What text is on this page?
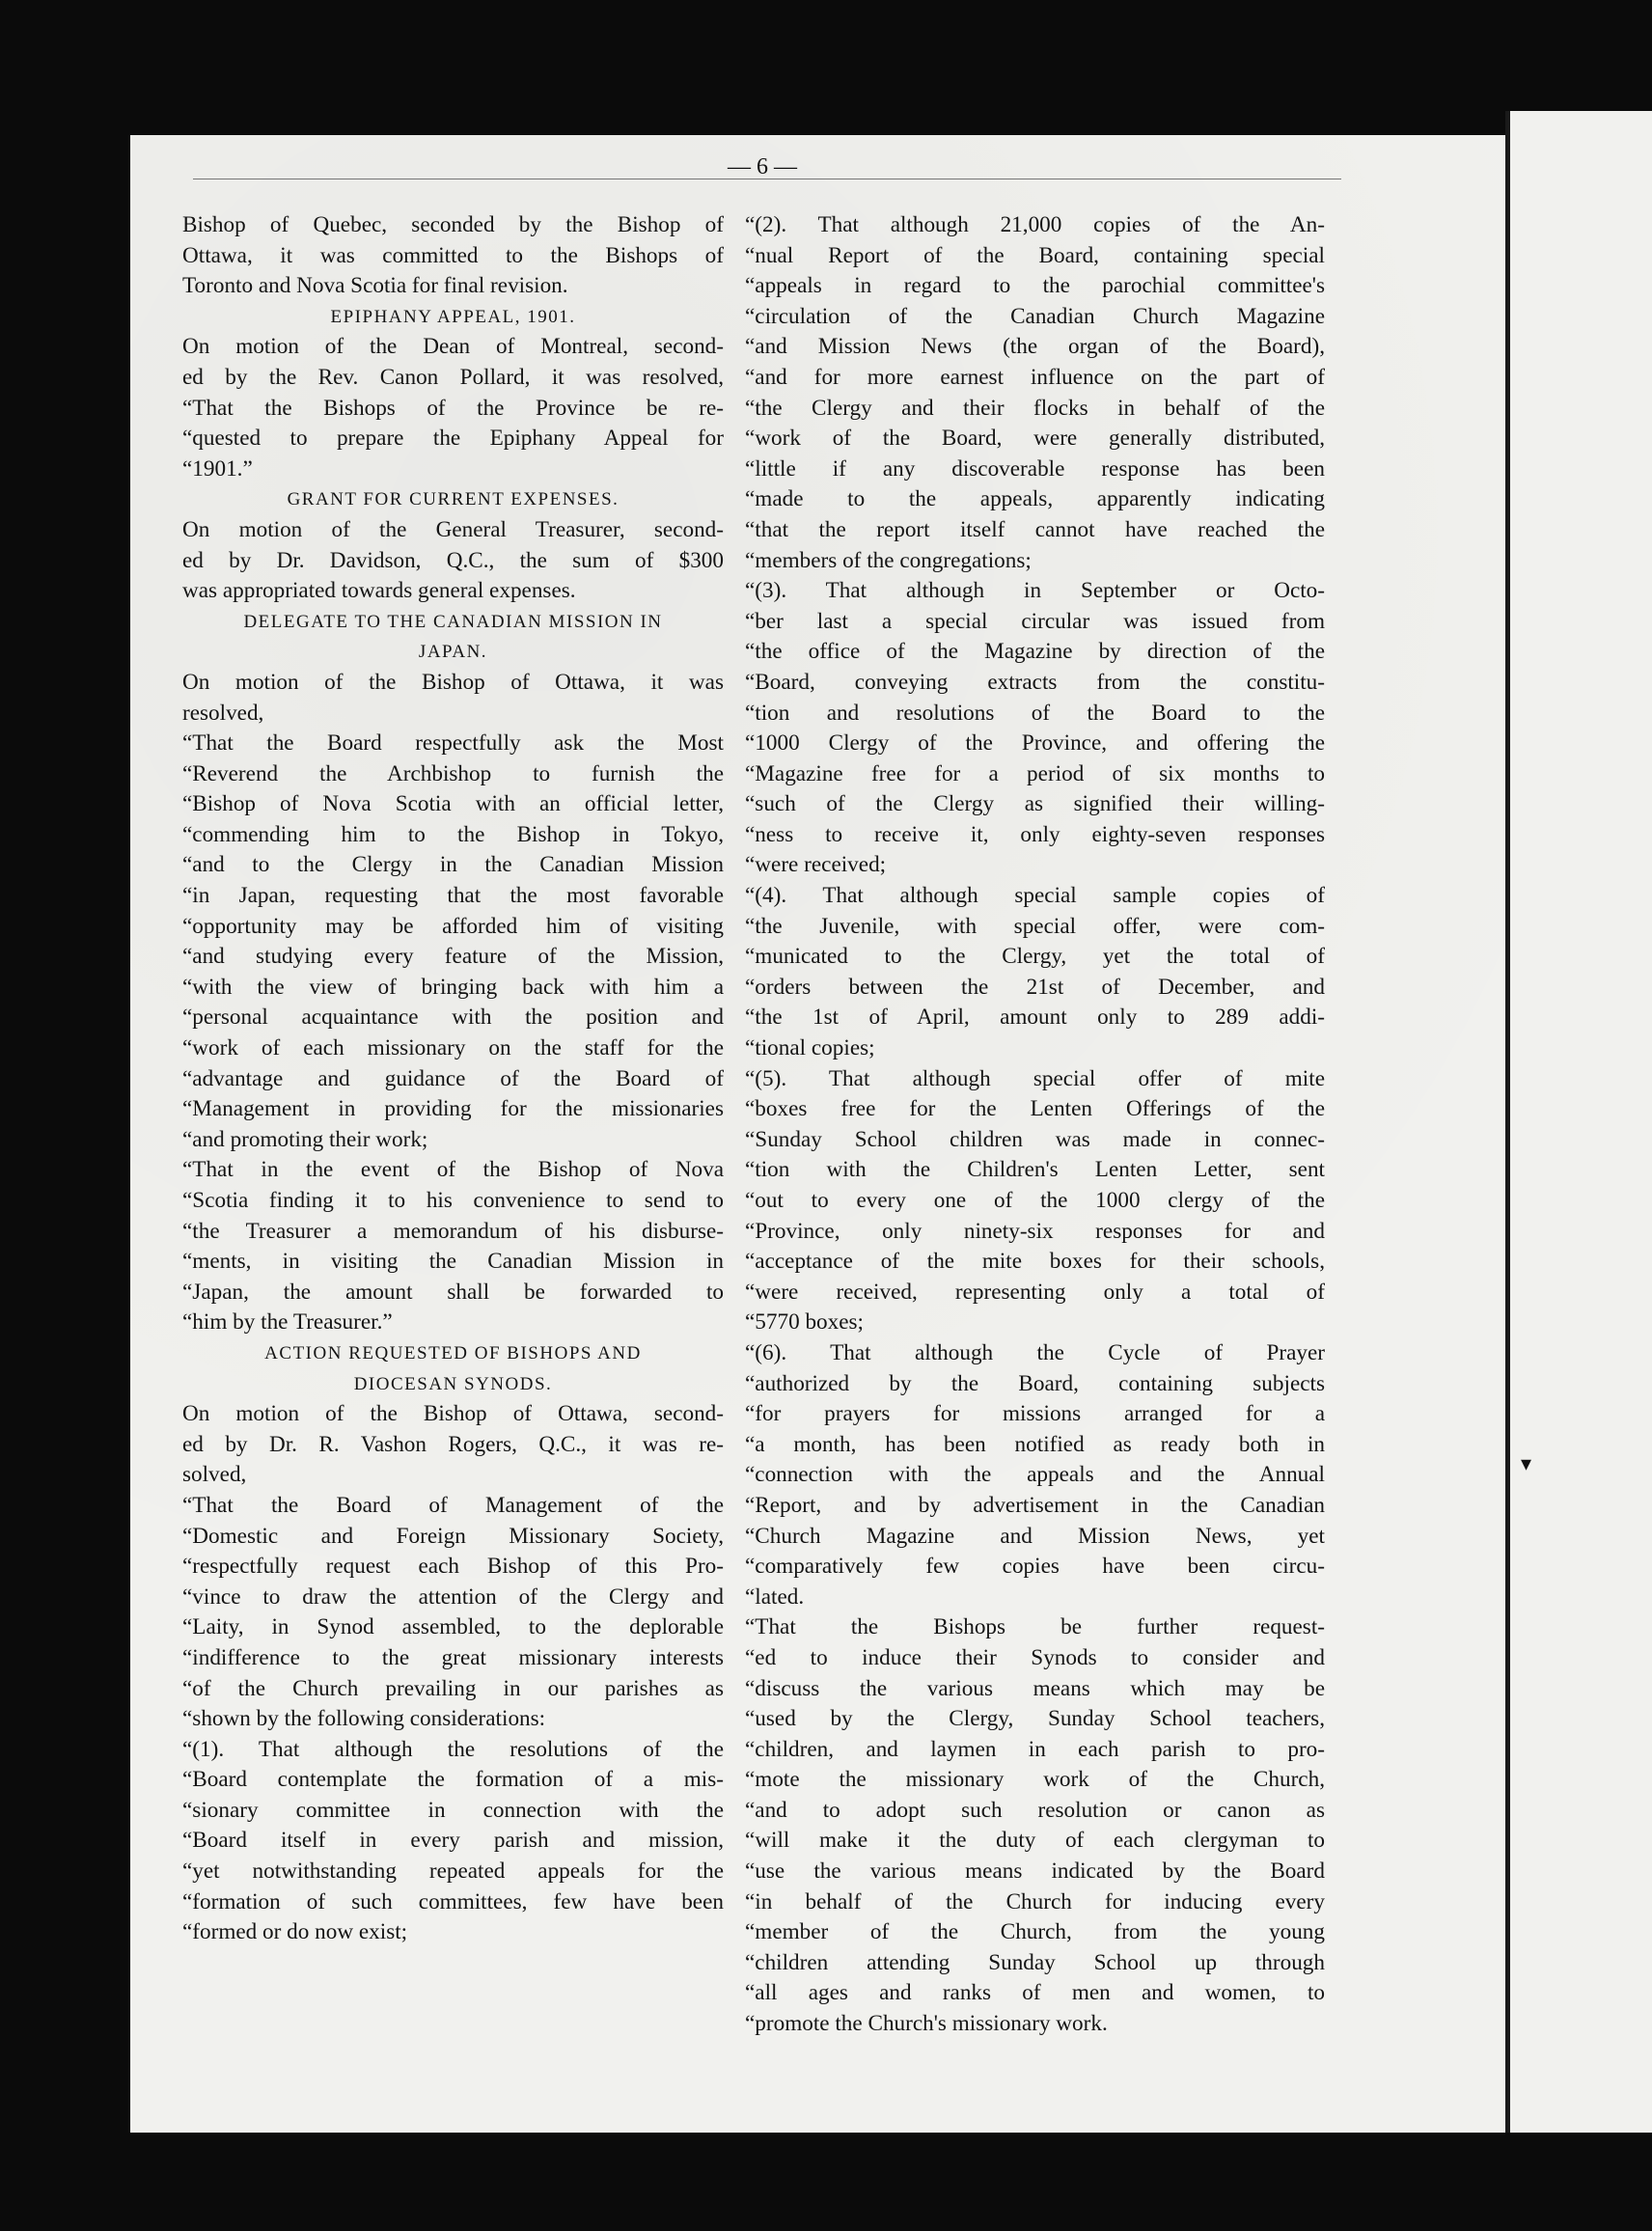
▾
— 6 —
Bishop of Quebec, seconded by the Bishop of
Ottawa, it was committed to the Bishops of
Toronto and Nova Scotia for final revision.
EPIPHANY APPEAL, 1901.
On motion of the Dean of Montreal, second-
ed by the Rev. Canon Pollard, it was resolved,
“That the Bishops of the Province be re-
“quested to prepare the Epiphany Appeal for
“1901.”
GRANT FOR CURRENT EXPENSES.
On motion of the General Treasurer, second-
ed by Dr. Davidson, Q.C., the sum of $300
was appropriated towards general expenses.
DELEGATE TO THE CANADIAN MISSION IN
JAPAN.
On motion of the Bishop of Ottawa, it was
resolved,
“That the Board respectfully ask the Most
“Reverend the Archbishop to furnish the
“Bishop of Nova Scotia with an official letter,
“commending him to the Bishop in Tokyo,
“and to the Clergy in the Canadian Mission
“in Japan, requesting that the most favorable
“opportunity may be afforded him of visiting
“and studying every feature of the Mission,
“with the view of bringing back with him a
“personal acquaintance with the position and
“work of each missionary on the staff for the
“advantage and guidance of the Board of
“Management in providing for the missionaries
“and promoting their work;
“That in the event of the Bishop of Nova
“Scotia finding it to his convenience to send to
“the Treasurer a memorandum of his disburse-
“ments, in visiting the Canadian Mission in
“Japan, the amount shall be forwarded to
“him by the Treasurer.”
ACTION REQUESTED OF BISHOPS AND
DIOCESAN SYNODS.
On motion of the Bishop of Ottawa, second-
ed by Dr. R. Vashon Rogers, Q.C., it was re-
solved,
“That the Board of Management of the
“Domestic and Foreign Missionary Society,
“respectfully request each Bishop of this Pro-
“vince to draw the attention of the Clergy and
“Laity, in Synod assembled, to the deplorable
“indifference to the great missionary interests
“of the Church prevailing in our parishes as
“shown by the following considerations:
“(1). That although the resolutions of the
“Board contemplate the formation of a mis-
“sionary committee in connection with the
“Board itself in every parish and mission,
“yet notwithstanding repeated appeals for the
“formation of such committees, few have been
“formed or do now exist;
“(2). That although 21,000 copies of the An-
“nual Report of the Board, containing special
“appeals in regard to the parochial committee's
“circulation of the Canadian Church Magazine
“and Mission News (the organ of the Board),
“and for more earnest influence on the part of
“the Clergy and their flocks in behalf of the
“work of the Board, were generally distributed,
“little if any discoverable response has been
“made to the appeals, apparently indicating
“that the report itself cannot have reached the
“members of the congregations;
“(3). That although in September or Octo-
“ber last a special circular was issued from
“the office of the Magazine by direction of the
“Board, conveying extracts from the constitu-
“tion and resolutions of the Board to the
“1000 Clergy of the Province, and offering the
“Magazine free for a period of six months to
“such of the Clergy as signified their willing-
“ness to receive it, only eighty-seven responses
“were received;
“(4). That although special sample copies of
“the Juvenile, with special offer, were com-
“municated to the Clergy, yet the total of
“orders between the 21st of December, and
“the 1st of April, amount only to 289 addi-
“tional copies;
“(5). That although special offer of mite
“boxes free for the Lenten Offerings of the
“Sunday School children was made in connec-
“tion with the Children's Lenten Letter, sent
“out to every one of the 1000 clergy of the
“Province, only ninety-six responses for and
“acceptance of the mite boxes for their schools,
“were received, representing only a total of
“5770 boxes;
“(6). That although the Cycle of Prayer
“authorized by the Board, containing subjects
“for prayers for missions arranged for a
“a month, has been notified as ready both in
“connection with the appeals and the Annual
“Report, and by advertisement in the Canadian
“Church Magazine and Mission News, yet
“comparatively few copies have been circu-
“lated.
“That the Bishops be further request-
“ed to induce their Synods to consider and
“discuss the various means which may be
“used by the Clergy, Sunday School teachers,
“children, and laymen in each parish to pro-
“mote the missionary work of the Church,
“and to adopt such resolution or canon as
“will make it the duty of each clergyman to
“use the various means indicated by the Board
“in behalf of the Church for inducing every
“member of the Church, from the young
“children attending Sunday School up through
“all ages and ranks of men and women, to
“promote the Church's missionary work.
